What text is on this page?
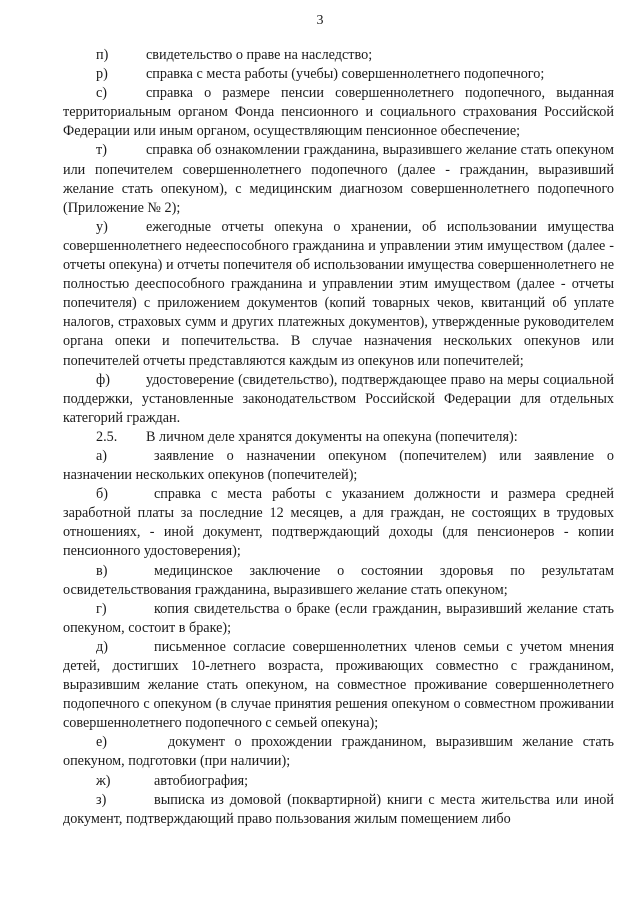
3

п)	свидетельство о праве на наследство;

р)	справка с места работы (учебы) совершеннолетнего подопечного;

с)	справка о размере пенсии совершеннолетнего подопечного, выданная территориальным органом Фонда пенсионного и социального страхования Российской Федерации или иным органом, осуществляющим пенсионное обеспечение;

т)	справка об ознакомлении гражданина, выразившего желание стать опекуном или попечителем совершеннолетнего подопечного (далее - гражданин, выразивший желание стать опекуном), с медицинским диагнозом совершеннолетнего подопечного (Приложение № 2);

у)	ежегодные отчеты опекуна о хранении, об использовании имущества совершеннолетнего недееспособного гражданина и управлении этим имуществом (далее - отчеты опекуна) и отчеты попечителя об использовании имущества совершеннолетнего не полностью дееспособного гражданина и управлении этим имуществом (далее - отчеты попечителя) с приложением документов (копий товарных чеков, квитанций об уплате налогов, страховых сумм и других платежных документов), утвержденные руководителем органа опеки и попечительства. В случае назначения нескольких опекунов или попечителей отчеты представляются каждым из опекунов или попечителей;

ф)	удостоверение (свидетельство), подтверждающее право на меры социальной поддержки, установленные законодательством Российской Федерации для отдельных категорий граждан.

2.5. В личном деле хранятся документы на опекуна (попечителя):

а)	заявление о назначении опекуном (попечителем) или заявление о назначении нескольких опекунов (попечителей);

б)	справка с места работы с указанием должности и размера средней заработной платы за последние 12 месяцев, а для граждан, не состоящих в трудовых отношениях, - иной документ, подтверждающий доходы (для пенсионеров - копии пенсионного удостоверения);

в)	медицинское заключение о состоянии здоровья по результатам освидетельствования гражданина, выразившего желание стать опекуном;

г)	копия свидетельства о браке (если гражданин, выразивший желание стать опекуном, состоит в браке);

д)	письменное согласие совершеннолетних членов семьи с учетом мнения детей, достигших 10-летнего возраста, проживающих совместно с гражданином, выразившим желание стать опекуном, на совместное проживание совершеннолетнего подопечного с опекуном (в случае принятия решения опекуном о совместном проживании совершеннолетнего подопечного с семьей опекуна);

е)	документ о прохождении гражданином, выразившим желание стать опекуном, подготовки (при наличии);

ж)	автобиография;

з)	выписка из домовой (поквартирной) книги с места жительства или иной документ, подтверждающий право пользования жилым помещением либо
